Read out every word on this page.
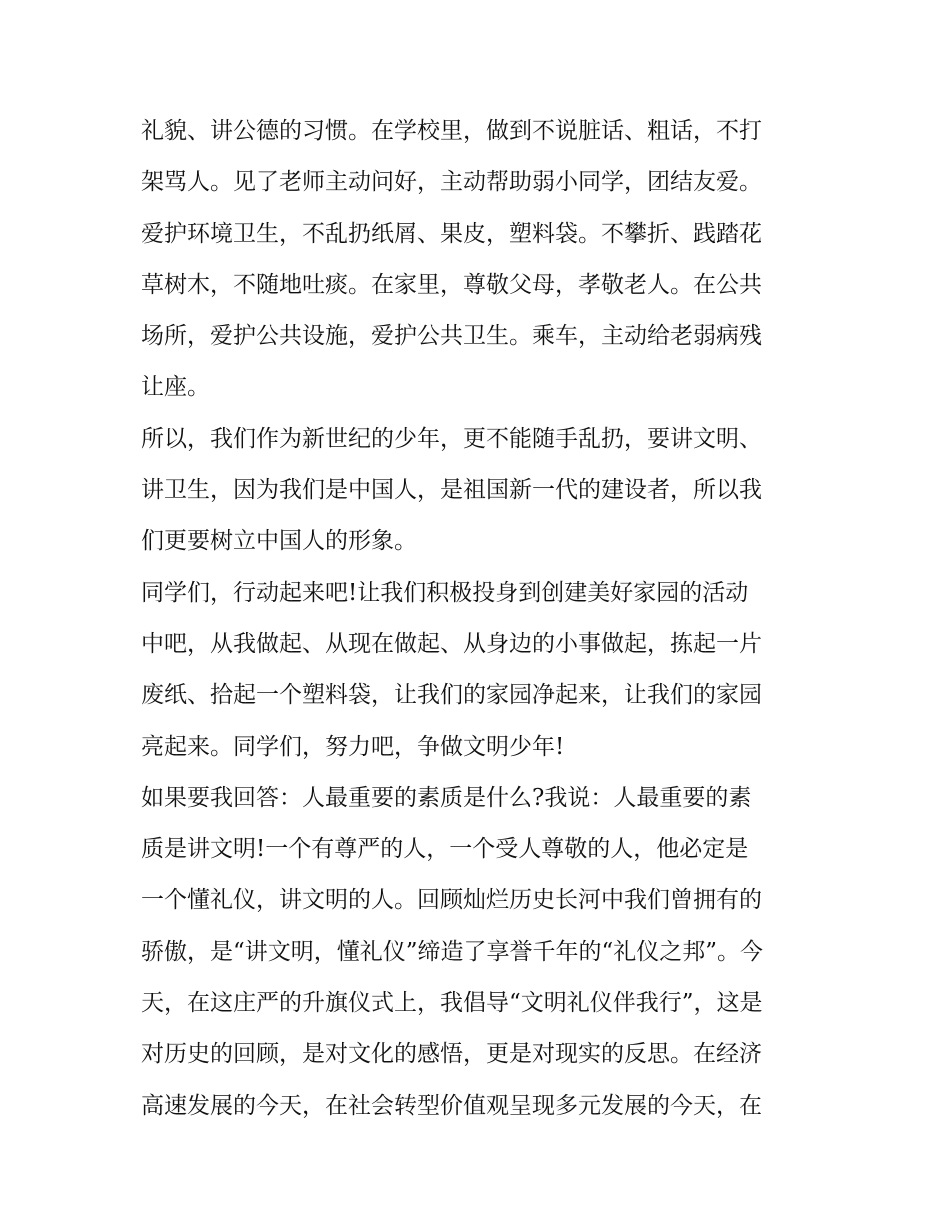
礼貌、讲公德的习惯。在学校里，做到不说脏话、粗话，不打
架骂人。见了老师主动问好，主动帮助弱小同学，团结友爱。
爱护环境卫生，不乱扔纸屑、果皮，塑料袋。不攀折、践踏花
草树木，不随地吐痰。在家里，尊敬父母，孝敬老人。在公共
场所，爱护公共设施，爱护公共卫生。乘车，主动给老弱病残
让座。
所以，我们作为新世纪的少年，更不能随手乱扔，要讲文明、
讲卫生，因为我们是中国人，是祖国新一代的建设者，所以我
们更要树立中国人的形象。
同学们，行动起来吧!让我们积极投身到创建美好家园的活动
中吧，从我做起、从现在做起、从身边的小事做起，拣起一片
废纸、拾起一个塑料袋，让我们的家园净起来，让我们的家园
亮起来。同学们，努力吧，争做文明少年!
如果要我回答：人最重要的素质是什么?我说：人最重要的素
质是讲文明!一个有尊严的人，一个受人尊敬的人，他必定是
一个懂礼仪，讲文明的人。回顾灿烂历史长河中我们曾拥有的
骄傲，是“讲文明，懂礼仪”缔造了享誉千年的“礼仪之邦”。今
天，在这庄严的升旗仪式上，我倡导“文明礼仪伴我行”，这是
对历史的回顾，是对文化的感悟，更是对现实的反思。在经济
高速发展的今天，在社会转型价值观呈现多元发展的今天，在
